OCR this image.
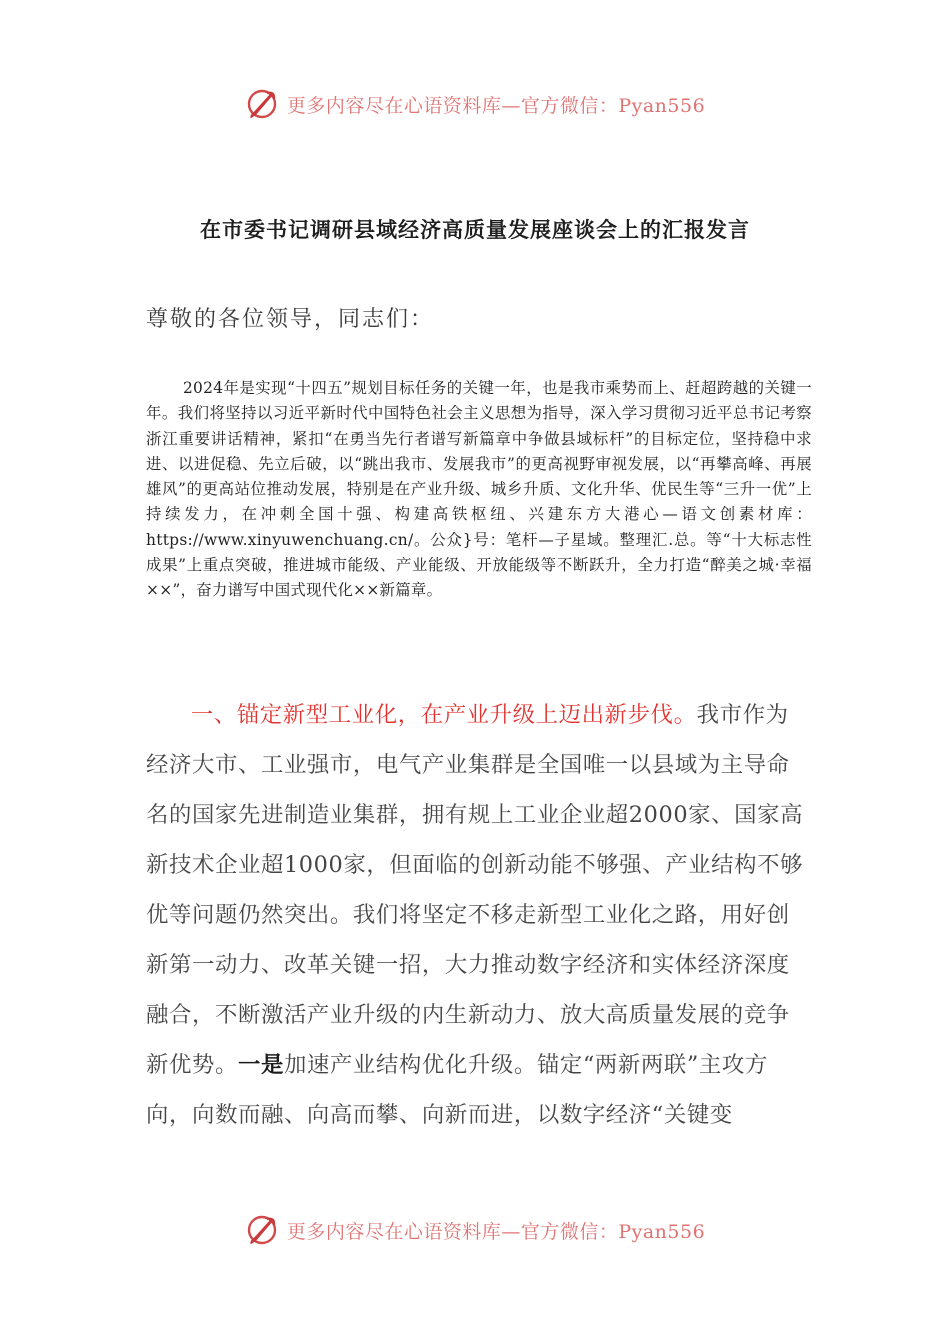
更多内容尽在心语资料库—官方微信：Pyan556
在市委书记调研县域经济高质量发展座谈会上的汇报发言
尊敬的各位领导，同志们：
2024年是实现“十四五”规划目标任务的关键一年，也是我市乘势而上、赶超跨越的关键一年。我们将坚持以习近平新时代中国特色社会主义思想为指导，深入学习贯彻习近平总书记考察浙江重要讲话精神，紧扣“在勇当先行者谱写新篇章中争做县域标杆”的目标定位，坚持稳中求进、以进促稳、先立后破，以“跳出我市、发展我市”的更高视野审视发展，以“再攀高峰、再展雄风”的更高站位推动发展，特别是在产业升级、城乡升质、文化升华、优民生等“三升一优”上持续发力，在冲刺全国十强、构建高铁枢纽、兴建东方大港心—语文创素材库：https://www.xinyuwenchuang.cn/。公众}号：笔杆—子星域。整理汇.总。等“十大标志性成果”上重点突破，推进城市能级、产业能级、开放能级等不断跃升，全力打造“醉美之城·幸福××”，奋力谱写中国式现代化××新篇章。
一、锚定新型工业化，在产业升级上迈出新步伐。我市作为经济大市、工业强市，电气产业集群是全国唯一以县域为主导命名的国家先进制造业集群，拥有规上工业企业超2000家、国家高新技术企业超1000家，但面临的创新动能不够强、产业结构不够优等问题仍然突出。我们将坚定不移走新型工业化之路，用好创新第一动力、改革关键一招，大力推动数字经济和实体经济深度融合，不断激活产业升级的内生新动力、放大高质量发展的竞争新优势。一是加速产业结构优化升级。锚定“两新两联”主攻方向，向数而融、向高而攀、向新而进，以数字经济“关键变
更多内容尽在心语资料库—官方微信：Pyan556
